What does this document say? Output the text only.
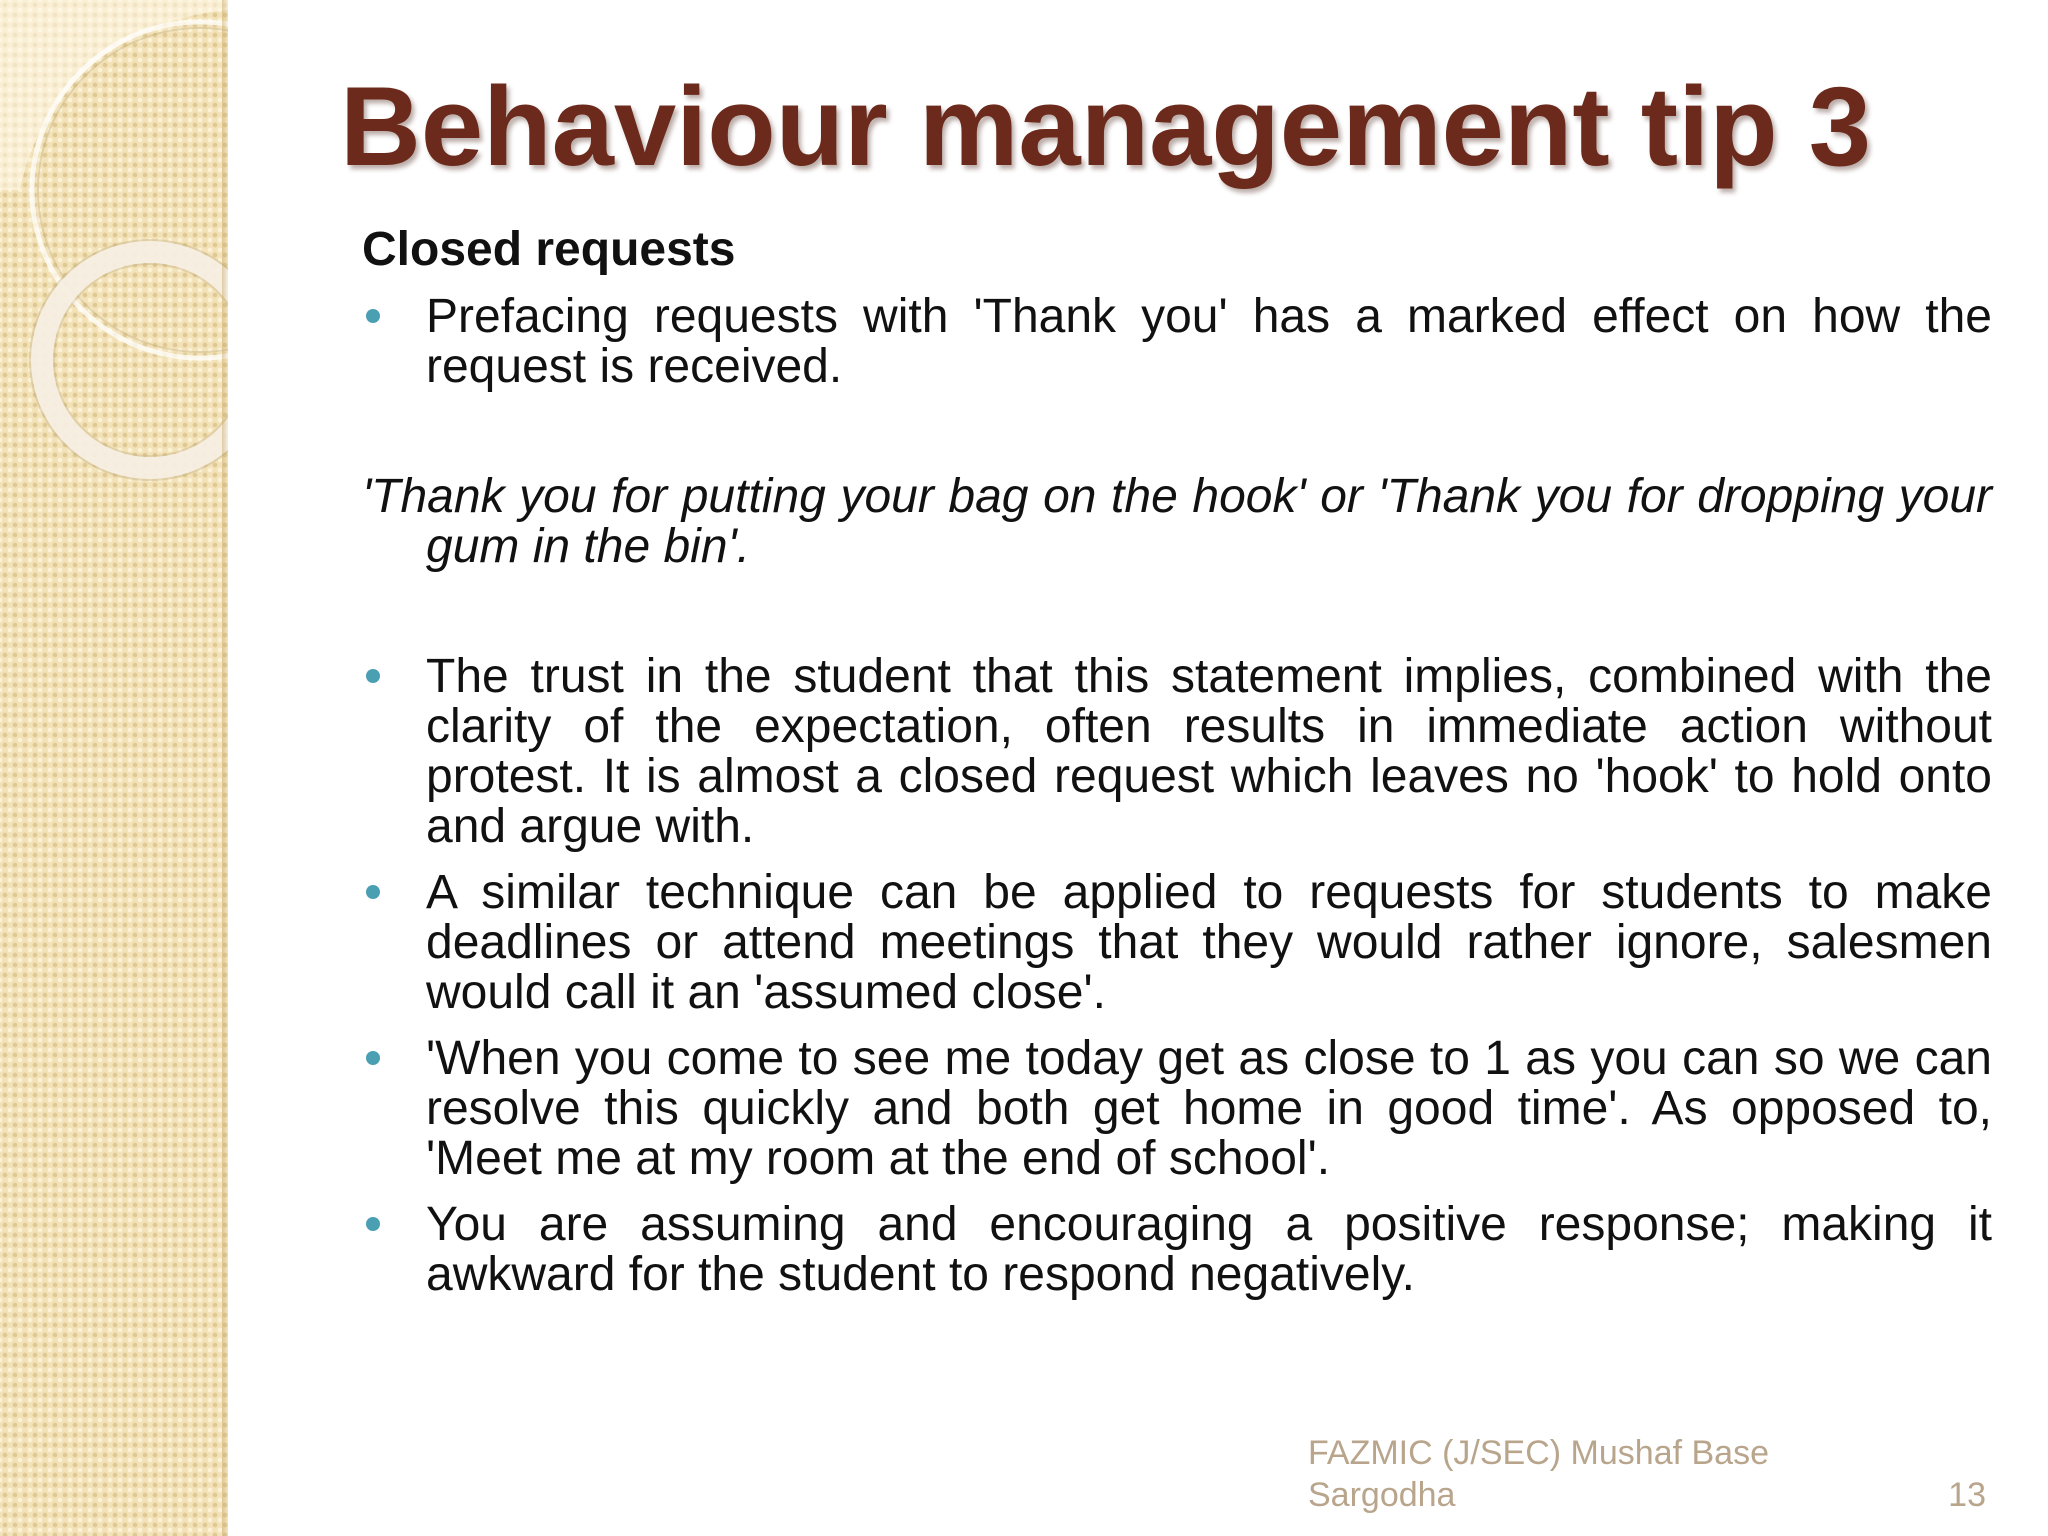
Behaviour management tip 3
Closed requests
Prefacing requests with 'Thank you' has a marked effect on how the request is received.
'Thank you for putting your bag on the hook' or 'Thank you for dropping your gum in the bin'.
The trust in the student that this statement implies, combined with the clarity of the expectation, often results in immediate action without protest. It is almost a closed request which leaves no 'hook' to hold onto and argue with.
A similar technique can be applied to requests for students to make deadlines or attend meetings that they would rather ignore, salesmen would call it an 'assumed close'.
'When you come to see me today get as close to 1 as you can so we can resolve this quickly and both get home in good time'. As opposed to, 'Meet me at my room at the end of school'.
You are assuming and encouraging a positive response; making it awkward for the student to respond negatively.
FAZMIC (J/SEC) Mushaf Base
Sargodha	13
